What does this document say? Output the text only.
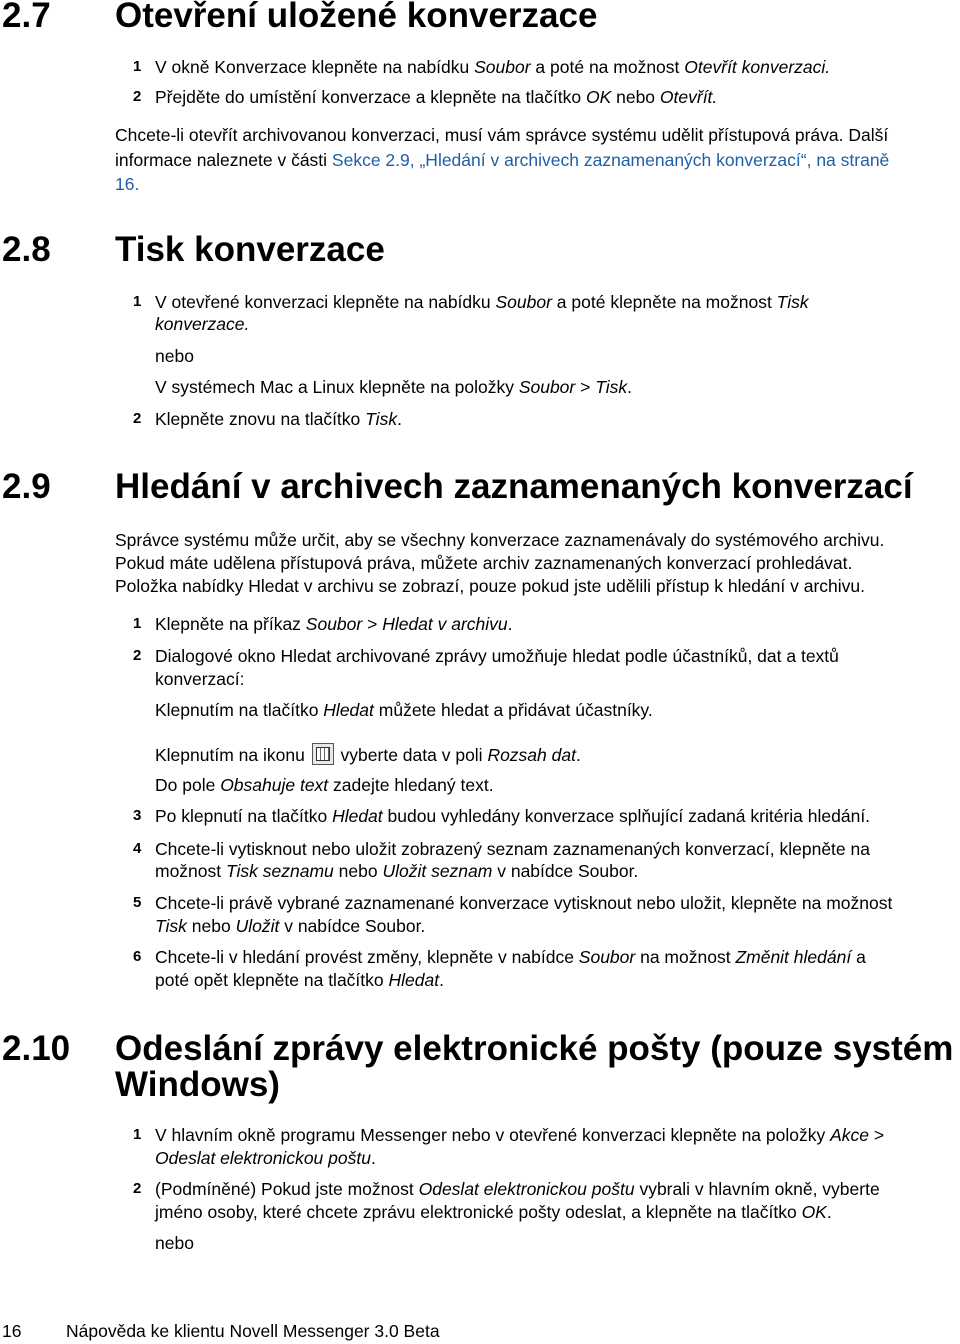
2.7 Otevření uložené konverzace
1 V okně Konverzace klepněte na nabídku Soubor a poté na možnost Otevřít konverzaci.
2 Přejděte do umístění konverzace a klepněte na tlačítko OK nebo Otevřít.
Chcete-li otevřít archivovanou konverzaci, musí vám správce systému udělit přístupová práva. Další
informace naleznete v části Sekce 2.9, „Hledání v archivech zaznamenaných konverzací“, na straně
16.
2.8 Tisk konverzace
1 V otevřené konverzaci klepněte na nabídku Soubor a poté klepněte na možnost Tisk
konverzace.
nebo
V systémech Mac a Linux klepněte na položky Soubor > Tisk.
2 Klepněte znovu na tlačítko Tisk.
2.9 Hledání v archivech zaznamenaných konverzací
Správce systému může určit, aby se všechny konverzace zaznamenávaly do systémového archivu.
Pokud máte udělena přístupová práva, můžete archiv zaznamenaných konverzací prohledávat.
Položka nabídky Hledat v archivu se zobrazí, pouze pokud jste udělili přístup k hledání v archivu.
1 Klepněte na příkaz Soubor > Hledat v archivu.
2 Dialogové okno Hledat archivované zprávy umožňuje hledat podle účastníků, dat a textů
konverzací:
Klepnutím na tlačítko Hledat můžete hledat a přidávat účastníky.
Klepnutím na ikonu  vyberte data v poli Rozsah dat.
Do pole Obsahuje text zadejte hledaný text.
3 Po klepnutí na tlačítko Hledat budou vyhledány konverzace splňující zadaná kritéria hledání.
4 Chcete-li vytisknout nebo uložit zobrazený seznam zaznamenaných konverzací, klepněte na
možnost Tisk seznamu nebo Uložit seznam v nabídce Soubor.
5 Chcete-li právě vybrané zaznamenané konverzace vytisknout nebo uložit, klepněte na možnost
Tisk nebo Uložit v nabídce Soubor.
6 Chcete-li v hledání provést změny, klepněte v nabídce Soubor na možnost Změnit hledání a
poté opět klepněte na tlačítko Hledat.
2.10 Odeslání zprávy elektronické pošty (pouze systém
Windows)
1 V hlavním okně programu Messenger nebo v otevřené konverzaci klepněte na položky Akce >
Odeslat elektronickou poštu.
2 (Podmíněné) Pokud jste možnost Odeslat elektronickou poštu vybrali v hlavním okně, vyberte
jméno osoby, které chcete zprávu elektronické pošty odeslat, a klepněte na tlačítko OK.
nebo
16	Nápověda ke klientu Novell Messenger 3.0 Beta
